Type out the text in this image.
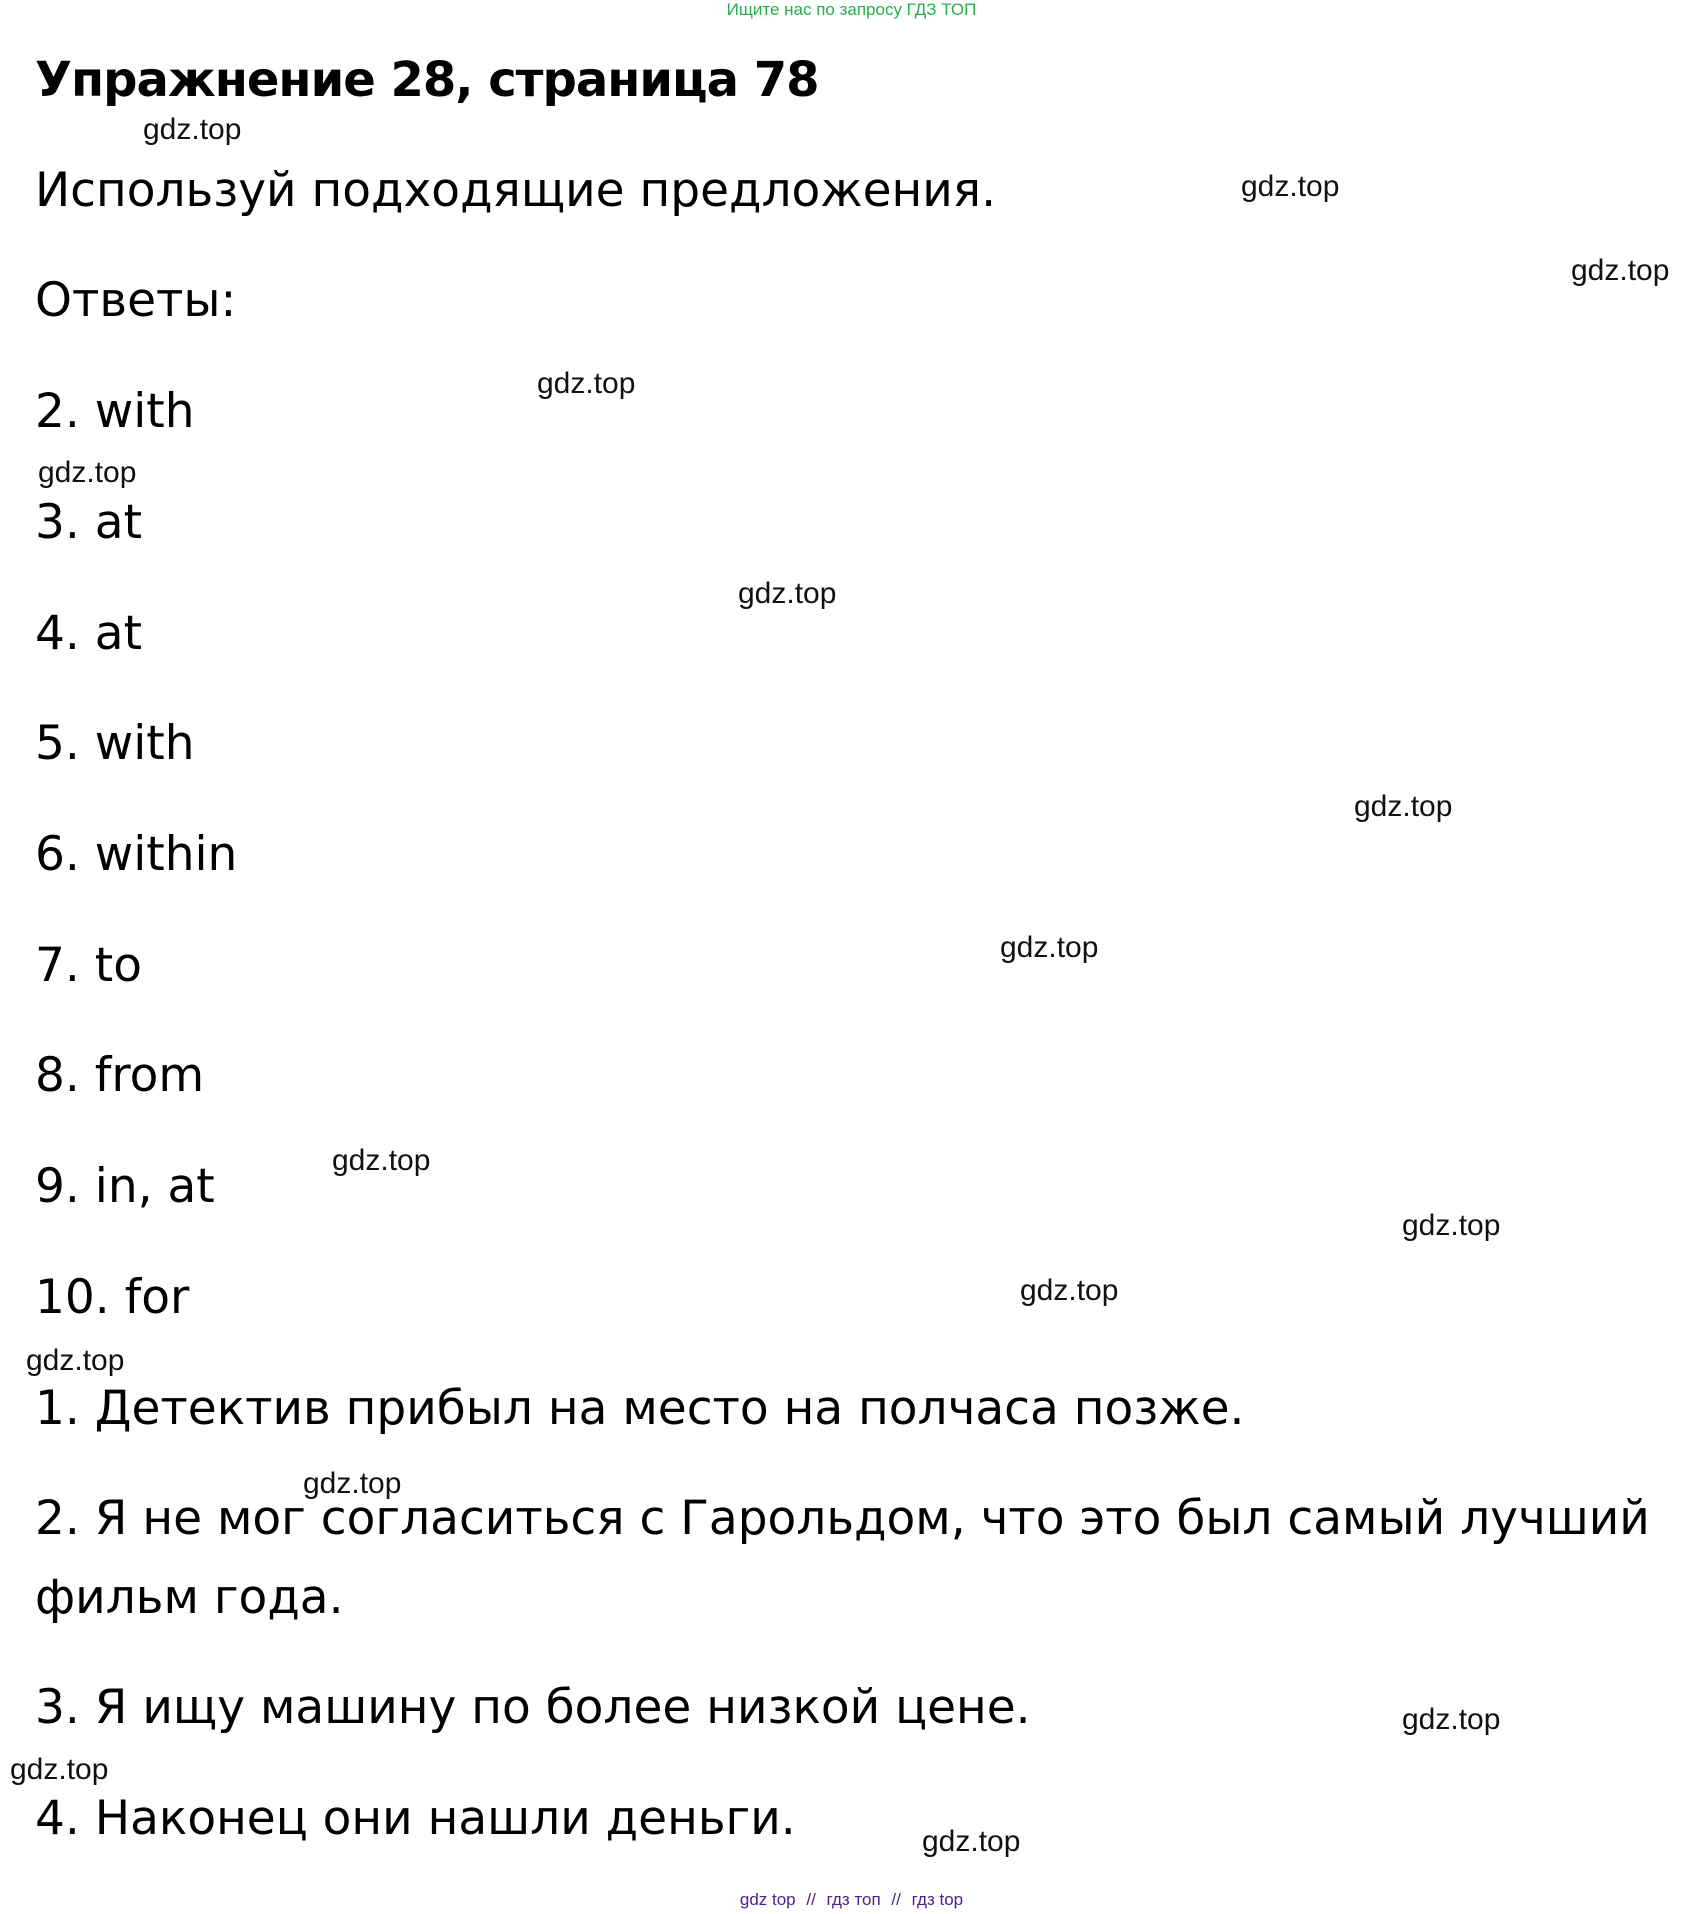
Ищите нас по запросу ГДЗ ТОП
Упражнение 28, страница 78

Используй подходящие предложения.

Ответы:

2. with

3. at

4. at

5. with

6. within

7. to

8. from

9. in, at

10. for

1. Детектив прибыл на место на полчаса позже.

2. Я не мог согласиться с Гарольдом, что это был самый лучший

фильм года.

3. Я ищу машину по более низкой цене.

4. Наконец они нашли деньги.

gdz.top
gdz.top
gdz.top
gdz.top
gdz.top
gdz.top
gdz.top
gdz.top
gdz.top
gdz.top
gdz.top
gdz.top
gdz.top
gdz.top
gdz.top
gdz.top
gdz top // гдз топ // гдз top
